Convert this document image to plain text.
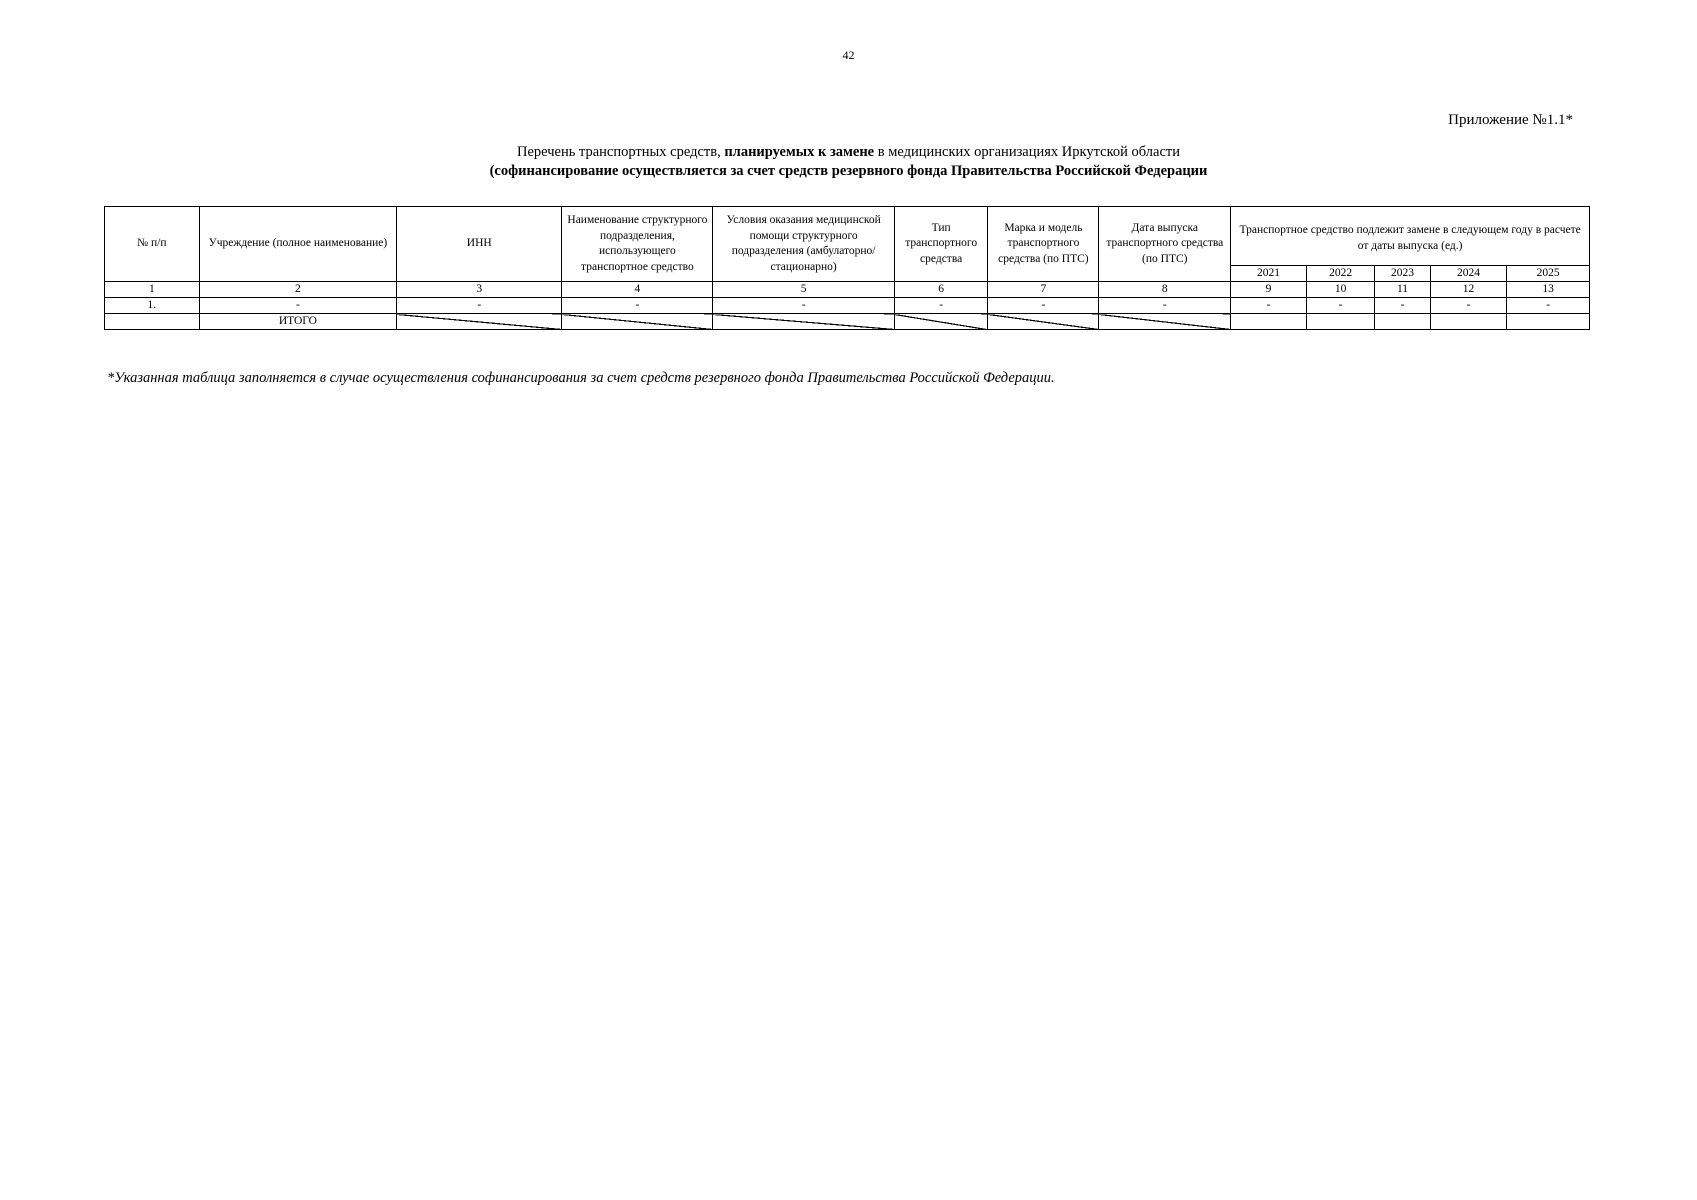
42
Приложение №1.1*
Перечень транспортных средств, планируемых к замене в медицинских организациях Иркутской области
(софинансирование осуществляется за счет средств резервного фонда Правительства Российской Федерации
№ п/п	Учреждение (полное наименование)	ИНН	Наименование структурного подразделения, использующего транспортное средство	Условия оказания медицинской помощи структурного подразделения (амбулаторно/стационарно)	Тип транспортного средства	Марка и модель транспортного средства (по ПТС)	Дата выпуска транспортного средства (по ПТС)	Транспортное средство подлежит замене в следующем году в расчете от даты выпуска (ед.)				
								2021	2022	2023	2024	2025
1	2	3	4	5	6	7	8	9	10	11	12	13
1.	-	-	-	-	-	-	-	-	-	-	-	-
	ИТОГО											
*Указанная таблица заполняется в случае осуществления софинансирования за счет средств резервного фонда Правительства Российской Федерации.
